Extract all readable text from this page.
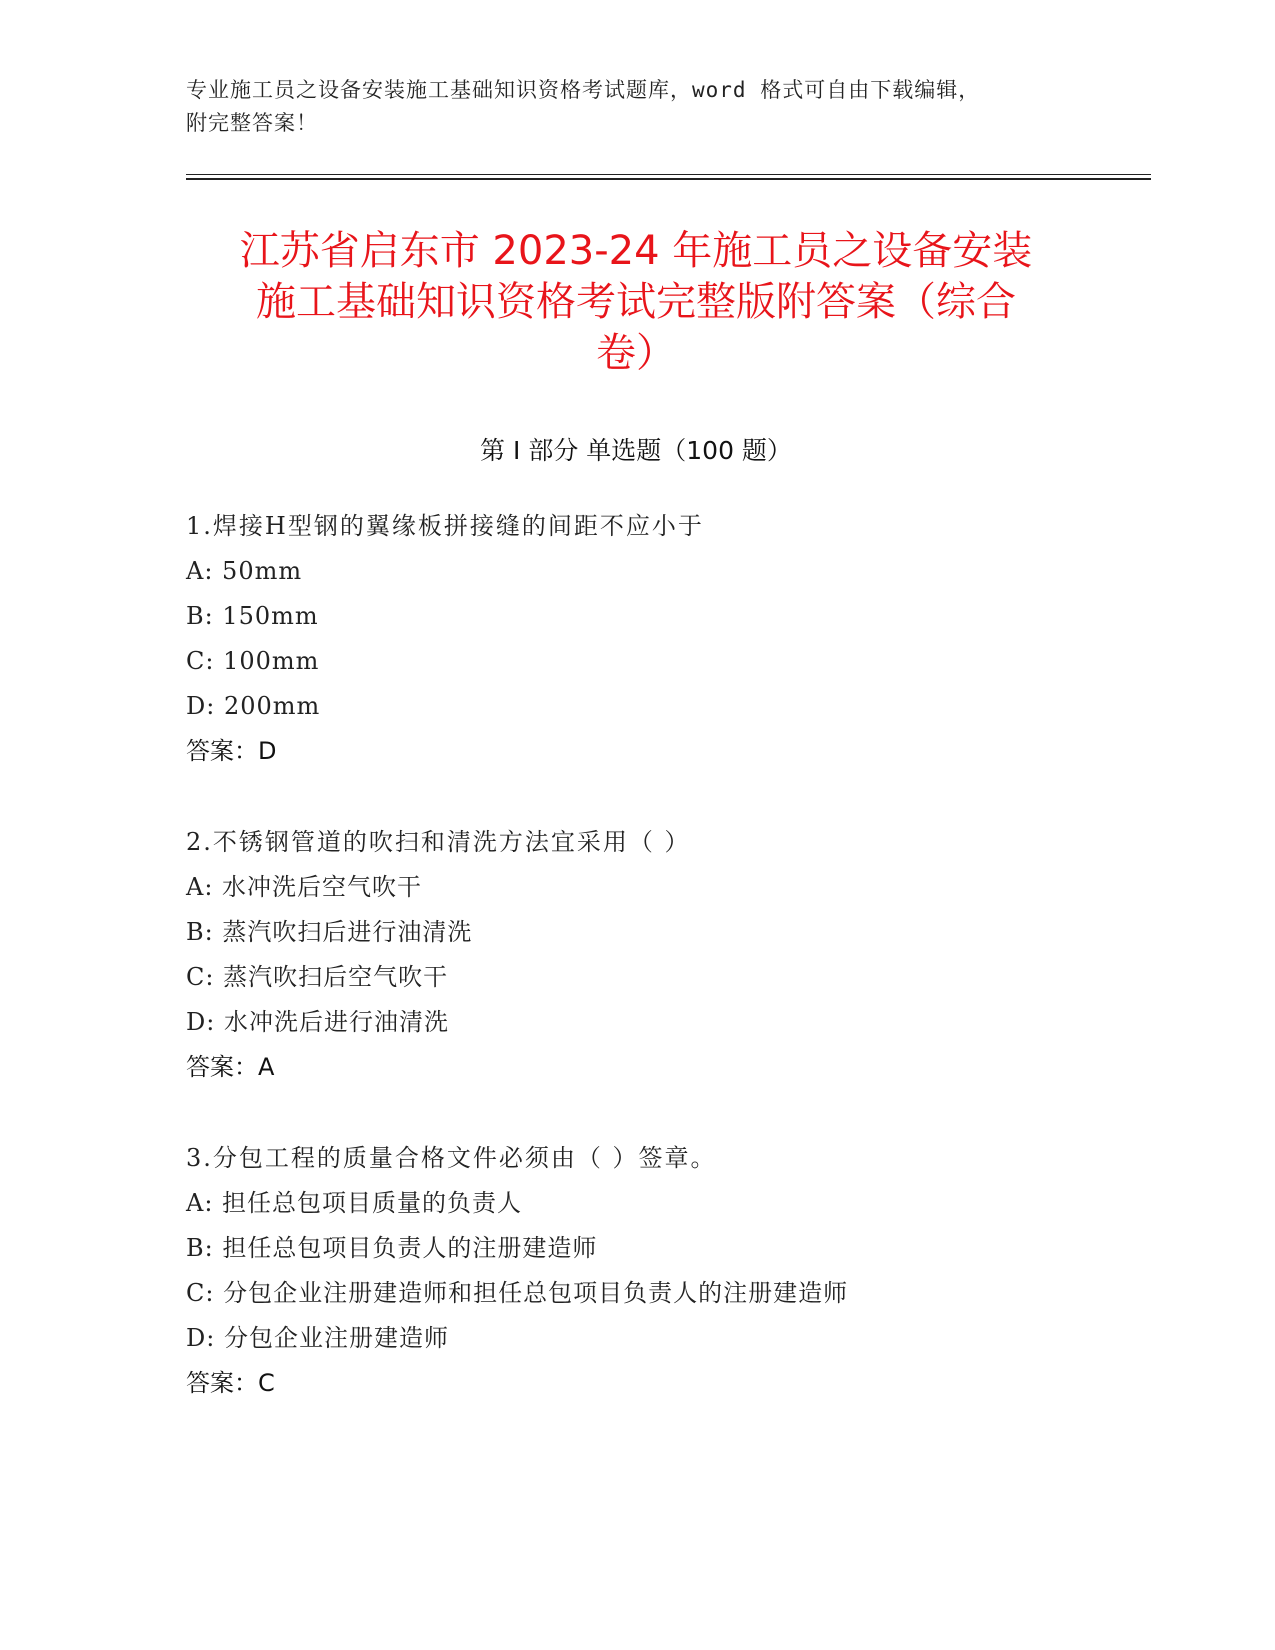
专业施工员之设备安装施工基础知识资格考试题库，word 格式可自由下载编辑，
附完整答案！
江苏省启东市 2023-24 年施工员之设备安装
施工基础知识资格考试完整版附答案（综合
卷）
第 I 部分 单选题（100 题）
1.焊接H型钢的翼缘板拼接缝的间距不应小于
A: 50mm
B: 150mm
C: 100mm
D: 200mm
答案：D
2.不锈钢管道的吹扫和清洗方法宜采用（ ）
A: 水冲洗后空气吹干
B: 蒸汽吹扫后进行油清洗
C: 蒸汽吹扫后空气吹干
D: 水冲洗后进行油清洗
答案：A
3.分包工程的质量合格文件必须由（ ）签章。
A: 担任总包项目质量的负责人
B: 担任总包项目负责人的注册建造师
C: 分包企业注册建造师和担任总包项目负责人的注册建造师
D: 分包企业注册建造师
答案：C
